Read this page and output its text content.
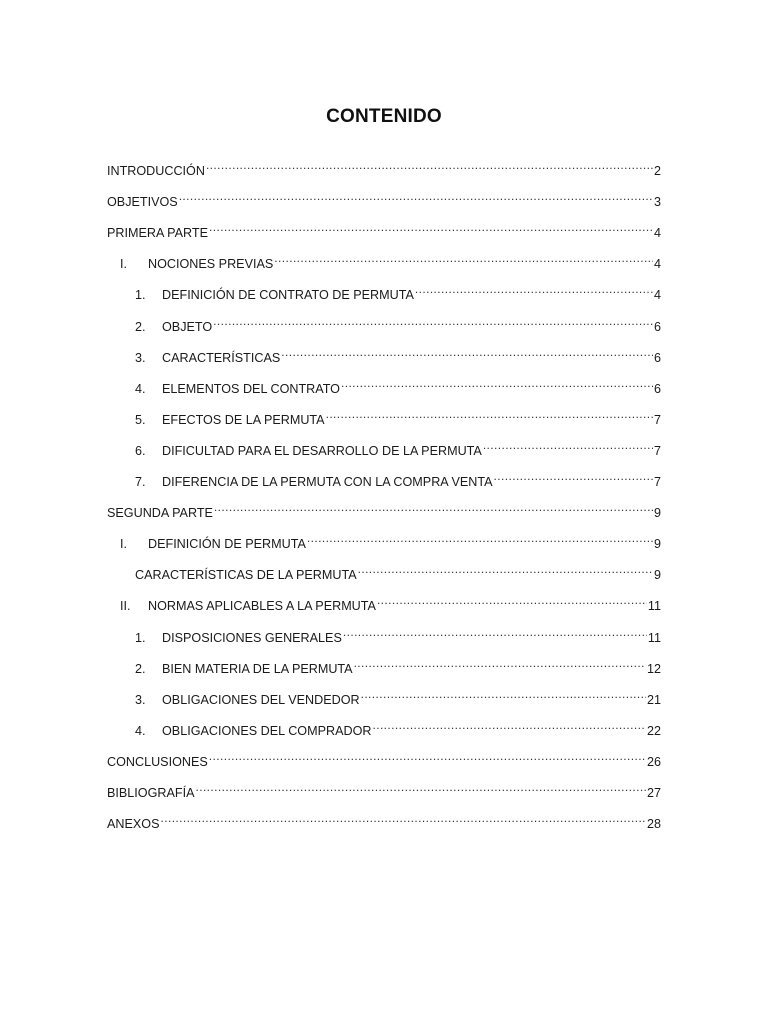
CONTENIDO
INTRODUCCIÓN .....	2
OBJETIVOS .....	3
PRIMERA PARTE .....	4
I.	NOCIONES PREVIAS .....	4
1.	DEFINICIÓN DE CONTRATO DE PERMUTA .....	4
2.	OBJETO .....	6
3.	CARACTERÍSTICAS .....	6
4.	ELEMENTOS DEL CONTRATO .....	6
5.	EFECTOS DE LA PERMUTA .....	7
6.	DIFICULTAD PARA EL DESARROLLO DE LA PERMUTA .....	7
7.	DIFERENCIA DE LA PERMUTA CON LA COMPRA VENTA .....	7
SEGUNDA PARTE .....	9
I.	DEFINICIÓN DE PERMUTA .....	9
CARACTERÍSTICAS DE LA PERMUTA .....	9
II.	NORMAS APLICABLES A LA PERMUTA .....	11
1.	DISPOSICIONES GENERALES .....	11
2.	BIEN MATERIA DE LA PERMUTA .....	12
3.	OBLIGACIONES DEL VENDEDOR .....	21
4.	OBLIGACIONES DEL COMPRADOR .....	22
CONCLUSIONES .....	26
BIBLIOGRAFÍA .....	27
ANEXOS .....	28
